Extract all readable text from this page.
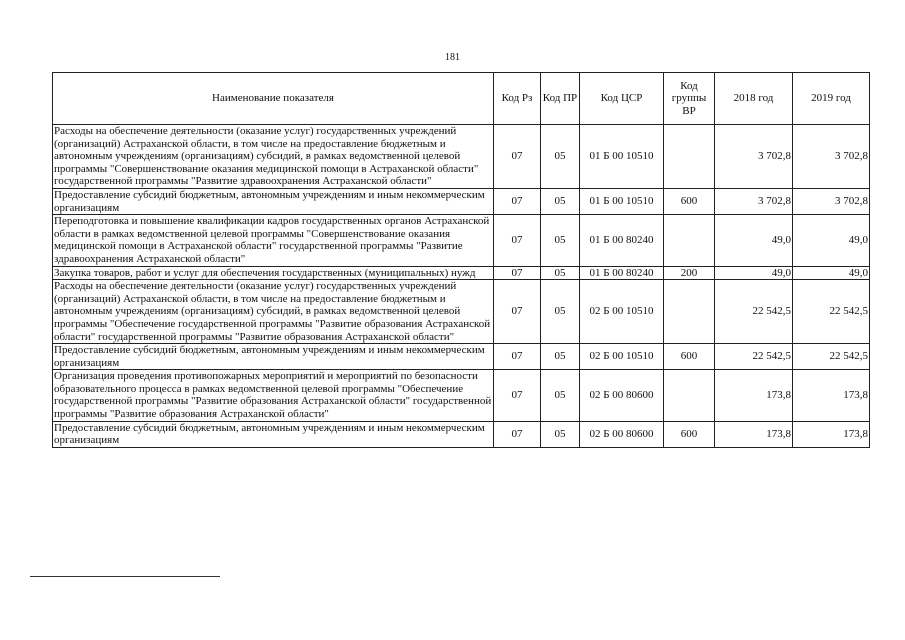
181
Наименование показателя	Код Рз	Код ПР	Код ЦСР	Код группы ВР	2018 год	2019 год
Расходы на обеспечение деятельности (оказание услуг) государственных учреждений (организаций) Астраханской области, в том числе на предоставление бюджетным и автономным учреждениям (организациям) субсидий, в рамках ведомственной целевой программы "Совершенствование оказания медицинской помощи в Астраханской области" государственной программы "Развитие здравоохранения Астраханской области"	07	05	01 Б 00 10510		3 702,8	3 702,8
Предоставление субсидий бюджетным, автономным учреждениям и иным некоммерческим организациям	07	05	01 Б 00 10510	600	3 702,8	3 702,8
Переподготовка и повышение квалификации кадров государственных органов Астраханской области в рамках ведомственной целевой программы "Совершенствование оказания медицинской помощи в Астраханской области" государственной программы "Развитие здравоохранения Астраханской области"	07	05	01 Б 00 80240		49,0	49,0
Закупка товаров, работ и услуг для обеспечения государственных (муниципальных) нужд	07	05	01 Б 00 80240	200	49,0	49,0
Расходы на обеспечение деятельности (оказание услуг) государственных учреждений (организаций) Астраханской области, в том числе на предоставление бюджетным и автономным учреждениям (организациям) субсидий, в рамках ведомственной целевой программы "Обеспечение государственной программы "Развитие образования Астраханской области" государственной программы "Развитие образования Астраханской области"	07	05	02 Б 00 10510		22 542,5	22 542,5
Предоставление субсидий бюджетным, автономным учреждениям и иным некоммерческим организациям	07	05	02 Б 00 10510	600	22 542,5	22 542,5
Организация проведения противопожарных мероприятий и мероприятий по безопасности образовательного процесса в рамках ведомственной целевой программы "Обеспечение государственной программы "Развитие образования Астраханской области" государственной программы "Развитие образования Астраханской области"	07	05	02 Б 00 80600		173,8	173,8
Предоставление субсидий бюджетным, автономным учреждениям и иным некоммерческим организациям	07	05	02 Б 00 80600	600	173,8	173,8
